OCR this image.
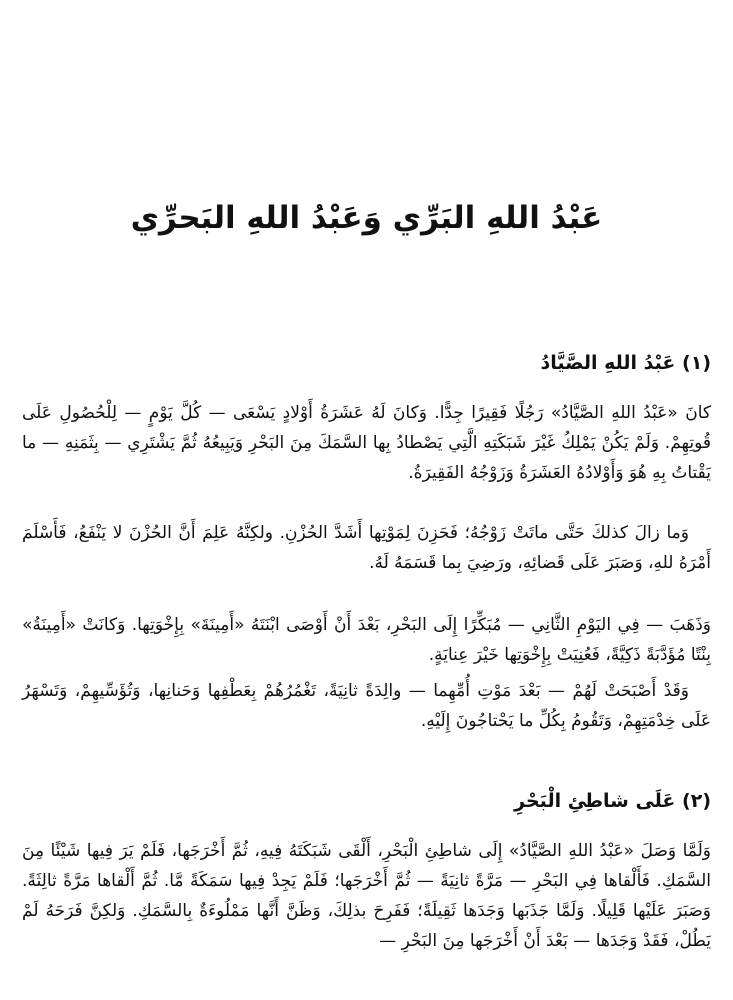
عَبْدُ اللهِ البَرِّي وَعَبْدُ اللهِ البَحرِّي
(١) عَبْدُ اللهِ الصَّيَّادُ

كانَ «عَبْدُ اللهِ الصَّيَّادُ» رَجُلًا فَقِيرًا جِدًّا. وَكانَ لَهُ عَشَرَةُ أَوْلادٍ يَسْعَى — كُلَّ يَوْمٍ — لِلْحُصُولِ عَلَى قُوتِهِمْ. وَلَمْ يَكُنْ يَمْلِكُ غَيْرَ شَبَكَتِهِ الَّتِي يَصْطادُ بِها السَّمَكَ مِنَ البَحْرِ وَيَبِيعُهُ ثُمَّ يَشْتَرِي — بِثَمَنِهِ — ما يَقْتاتُ بِهِ هُوَ وَأَوْلادُهُ العَشَرَةُ وَزَوْجُهُ الفَقِيرَةُ.

وَما زالَ كذلكَ حَتَّى ماتَتْ زَوْجُهُ؛ فَحَزِنَ لِمَوْتِها أَشَدَّ الحُزْنِ. ولكِنَّهُ عَلِمَ أَنَّ الحُزْنَ لا يَنْفَعُ، فَأَسْلَمَ أَمْرَهُ للهِ، وَصَبَرَ عَلَى قَضائِهِ، ورَضِيَ بِما قَسَمَهُ لَهُ.

وَذَهَبَ — فِي اليَوْمِ الثَّانِي — مُبَكِّرًا إِلَى البَحْرِ، بَعْدَ أَنْ أَوْصَى ابْنَتَهُ «أَمِينَةَ» بِإِخْوَتِها. وَكانَتْ «أَمِينَةُ» بِنْتًا مُؤَدَّبَةً ذَكِيَّةً، فَعُنِيَتْ بِإِخْوَتِها خَيْرَ عِنايَةٍ.

وَقَدْ أَصْبَحَتْ لَهُمْ — بَعْدَ مَوْتِ أُمِّهِما — والِدَةً ثانِيَةً، تَغْمُرُهُمْ بِعَطْفِها وَحَنانِها، وَتُؤَسِّيهِمْ، وَتَسْهَرُ عَلَى خِدْمَتِهِمْ، وَتَقُومُ بِكُلِّ ما يَحْتاجُونَ إِلَيْهِ.

(٢) عَلَى شاطِئِ الْبَحْرِ

وَلَمَّا وَصَلَ «عَبْدُ اللهِ الصَّيَّادُ» إِلَى شاطِئِ الْبَحْرِ، أَلْقَى شَبَكَتَهُ فِيهِ، ثُمَّ أَخْرَجَها، فَلَمْ يَرَ فِيها شَيْئًا مِنَ السَّمَكِ. فَأَلْقاها فِي البَحْرِ — مَرَّةً ثانِيَةً — ثُمَّ أَخْرَجَها؛ فَلَمْ يَجِدْ فِيها سَمَكَةً مَّا. ثُمَّ أَلْقاها مَرَّةً ثالِثَةً. وَصَبَرَ عَلَيْها قَلِيلًا. وَلَمَّا جَذَبَها وَجَدَها ثَقِيلَةً؛ فَفَرِحَ بذلِكَ، وَظَنَّ أَنَّها مَمْلُوءَةٌ بِالسَّمَكِ. وَلكِنَّ فَرَحَهُ لَمْ يَطُلْ، فَقَدْ وَجَدَها — بَعْدَ أَنْ أَخْرَجَها مِنَ البَحْرِ —
